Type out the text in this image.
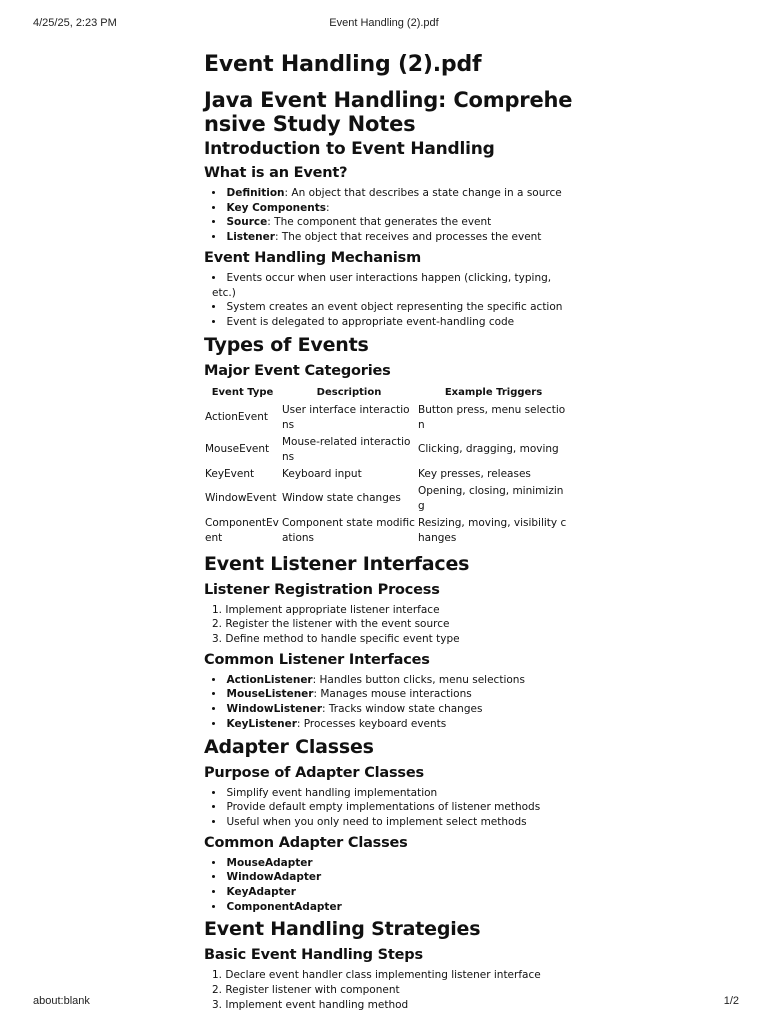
4/25/25, 2:23 PM	Event Handling (2).pdf
Event Handling (2).pdf
Java Event Handling: Comprehensive Study Notes
Introduction to Event Handling
What is an Event?
• Definition: An object that describes a state change in a source
• Key Components:
• Source: The component that generates the event
• Listener: The object that receives and processes the event
Event Handling Mechanism
• Events occur when user interactions happen (clicking, typing, etc.)
• System creates an event object representing the specific action
• Event is delegated to appropriate event-handling code
Types of Events
Major Event Categories
Event Type	Description	Example Triggers
ActionEvent	User interface interactions	Button press, menu selection
MouseEvent	Mouse-related interactions	Clicking, dragging, moving
KeyEvent	Keyboard input	Key presses, releases
WindowEvent	Window state changes	Opening, closing, minimizing
ComponentEvent	Component state modifications	Resizing, moving, visibility changes
Event Listener Interfaces
Listener Registration Process
1. Implement appropriate listener interface
2. Register the listener with the event source
3. Define method to handle specific event type
Common Listener Interfaces
• ActionListener: Handles button clicks, menu selections
• MouseListener: Manages mouse interactions
• WindowListener: Tracks window state changes
• KeyListener: Processes keyboard events
Adapter Classes
Purpose of Adapter Classes
• Simplify event handling implementation
• Provide default empty implementations of listener methods
• Useful when you only need to implement select methods
Common Adapter Classes
• MouseAdapter
• WindowAdapter
• KeyAdapter
• ComponentAdapter
Event Handling Strategies
Basic Event Handling Steps
1. Declare event handler class implementing listener interface
2. Register listener with component
3. Implement event handling method
about:blank	1/2
